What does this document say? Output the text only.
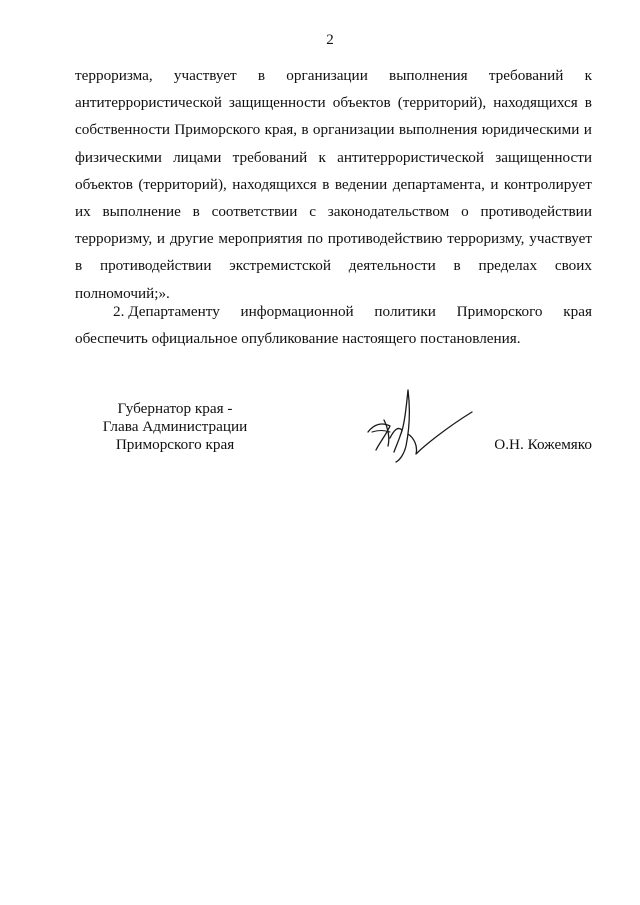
2
терроризма, участвует в организации выполнения требований к
антитеррористической защищенности объектов (территорий), находящихся в
собственности Приморского края, в организации выполнения юридическими и
физическими лицами требований к антитеррористической защищенности
объектов (территорий), находящихся в ведении департамента, и контролирует
их выполнение в соответствии с законодательством о противодействии
терроризму, и другие мероприятия по противодействию терроризму, участвует
в противодействии экстремистской деятельности в пределах своих
полномочий;».
2. Департаменту информационной политики Приморского края
обеспечить официальное опубликование настоящего постановления.
Губернатор края -
Глава Администрации
Приморского края	О.Н. Кожемяко
